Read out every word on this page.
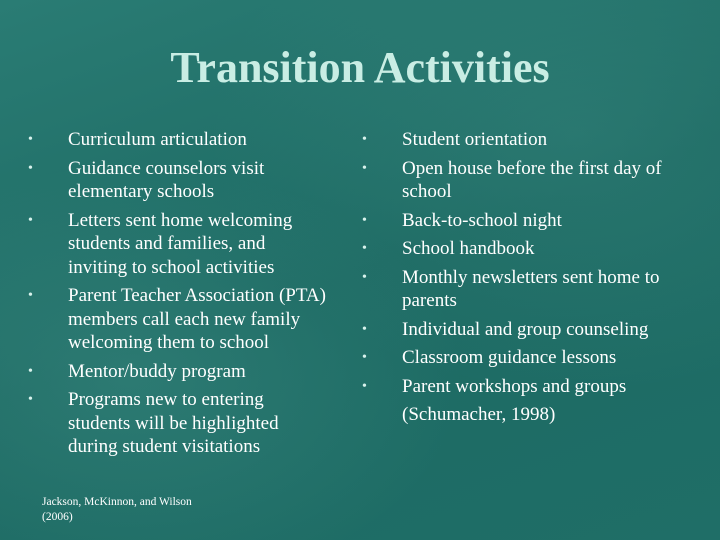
Transition Activities
•	Curriculum articulation
•	Guidance counselors visit elementary schools
•	Letters sent home welcoming students and families, and inviting to school activities
•	Parent Teacher Association (PTA) members call each new family welcoming them to school
•	Mentor/buddy program
•	Programs new to entering students will be highlighted during student visitations
•	Student orientation
•	Open house before the first day of school
•	Back-to-school night
•	School handbook
•	Monthly newsletters sent home to parents
•	Individual and group counseling
•	Classroom guidance lessons
•	Parent workshops and groups
(Schumacher, 1998)
Jackson, McKinnon, and Wilson (2006)
